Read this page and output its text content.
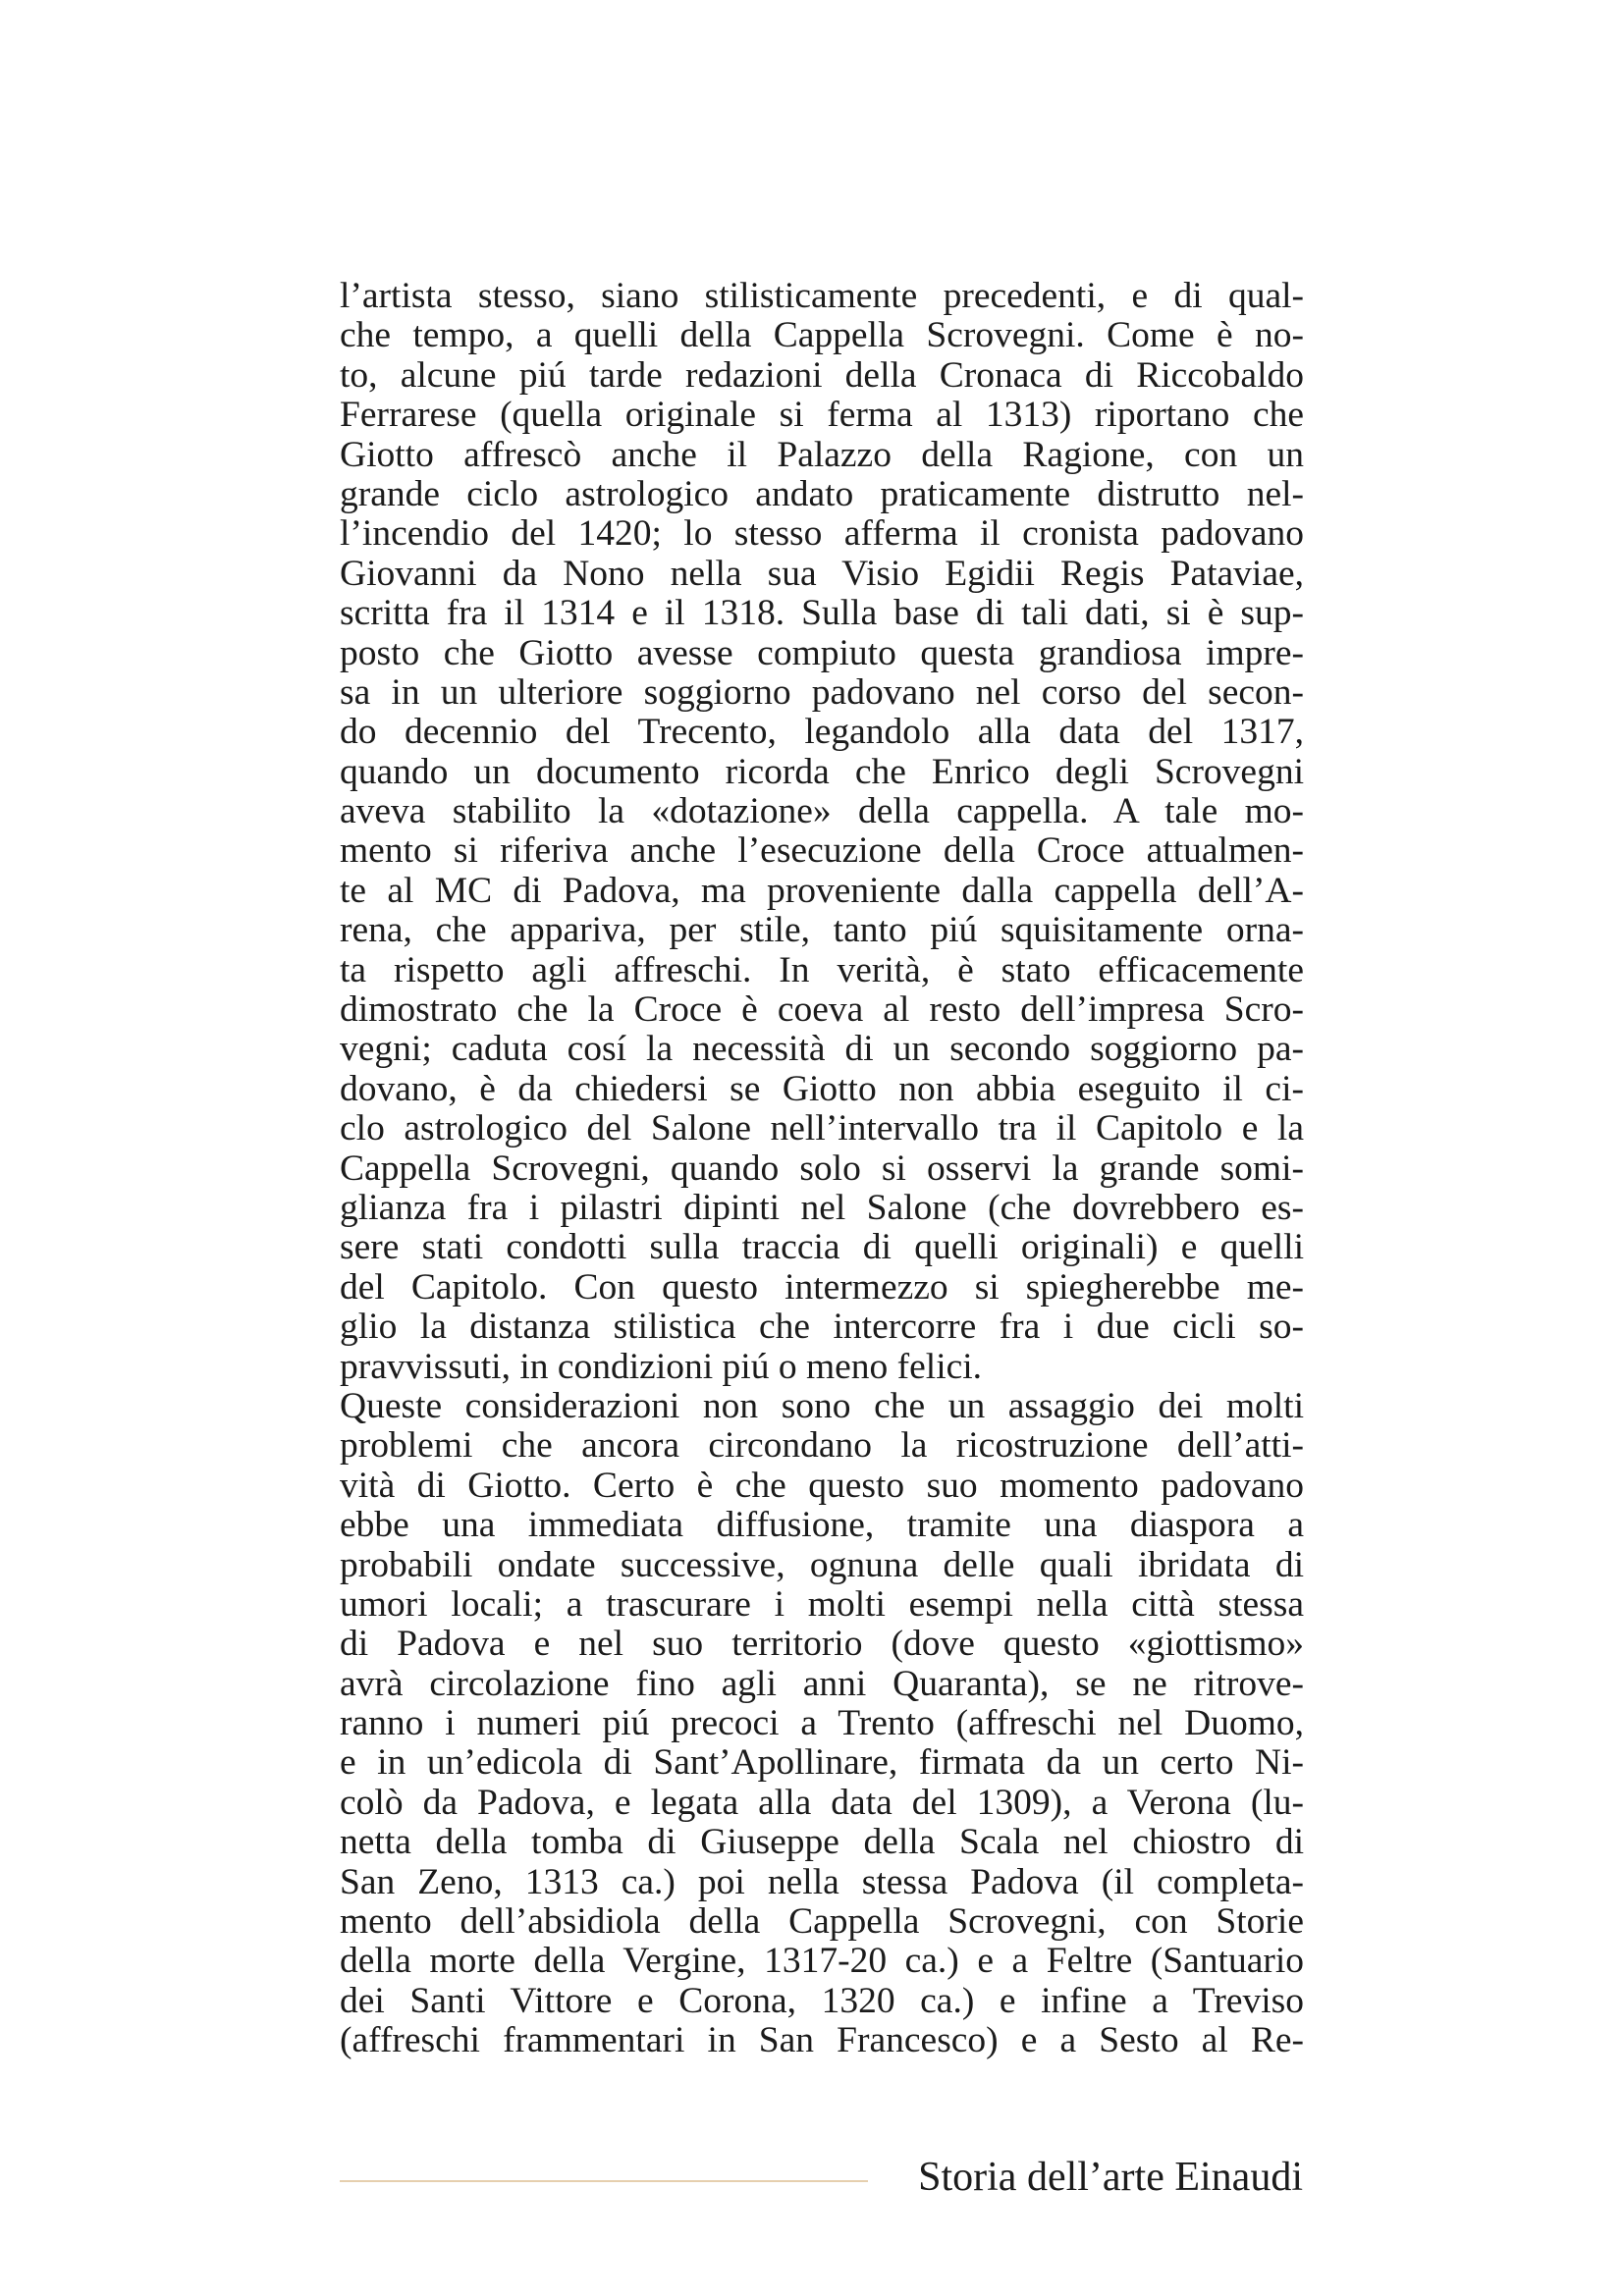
l’artista stesso, siano stilisticamente precedenti, e di qual-
che tempo, a quelli della Cappella Scrovegni. Come è no-
to, alcune piú tarde redazioni della Cronaca di Riccobaldo
Ferrarese (quella originale si ferma al 1313) riportano che
Giotto affrescò anche il Palazzo della Ragione, con un
grande ciclo astrologico andato praticamente distrutto nel-
l’incendio del 1420; lo stesso afferma il cronista padovano
Giovanni da Nono nella sua Visio Egidii Regis Pataviae,
scritta fra il 1314 e il 1318. Sulla base di tali dati, si è sup-
posto che Giotto avesse compiuto questa grandiosa impre-
sa in un ulteriore soggiorno padovano nel corso del secon-
do decennio del Trecento, legandolo alla data del 1317,
quando un documento ricorda che Enrico degli Scrovegni
aveva stabilito la «dotazione» della cappella. A tale mo-
mento si riferiva anche l’esecuzione della Croce attualmen-
te al MC di Padova, ma proveniente dalla cappella dell’A-
rena, che appariva, per stile, tanto piú squisitamente orna-
ta rispetto agli affreschi. In verità, è stato efficacemente
dimostrato che la Croce è coeva al resto dell’impresa Scro-
vegni; caduta cosí la necessità di un secondo soggiorno pa-
dovano, è da chiedersi se Giotto non abbia eseguito il ci-
clo astrologico del Salone nell’intervallo tra il Capitolo e la
Cappella Scrovegni, quando solo si osservi la grande somi-
glianza fra i pilastri dipinti nel Salone (che dovrebbero es-
sere stati condotti sulla traccia di quelli originali) e quelli
del Capitolo. Con questo intermezzo si spiegherebbe me-
glio la distanza stilistica che intercorre fra i due cicli so-
pravvissuti, in condizioni piú o meno felici.
Queste considerazioni non sono che un assaggio dei molti
problemi che ancora circondano la ricostruzione dell’atti-
vità di Giotto. Certo è che questo suo momento padovano
ebbe una immediata diffusione, tramite una diaspora a
probabili ondate successive, ognuna delle quali ibridata di
umori locali; a trascurare i molti esempi nella città stessa
di Padova e nel suo territorio (dove questo «giottismo»
avrà circolazione fino agli anni Quaranta), se ne ritrove-
ranno i numeri piú precoci a Trento (affreschi nel Duomo,
e in un’edicola di Sant’Apollinare, firmata da un certo Ni-
colò da Padova, e legata alla data del 1309), a Verona (lu-
netta della tomba di Giuseppe della Scala nel chiostro di
San Zeno, 1313 ca.) poi nella stessa Padova (il completa-
mento dell’absidiola della Cappella Scrovegni, con Storie
della morte della Vergine, 1317-20 ca.) e a Feltre (Santuario
dei Santi Vittore e Corona, 1320 ca.) e infine a Treviso
(affreschi frammentari in San Francesco) e a Sesto al Re-
Storia dell’arte Einaudi
